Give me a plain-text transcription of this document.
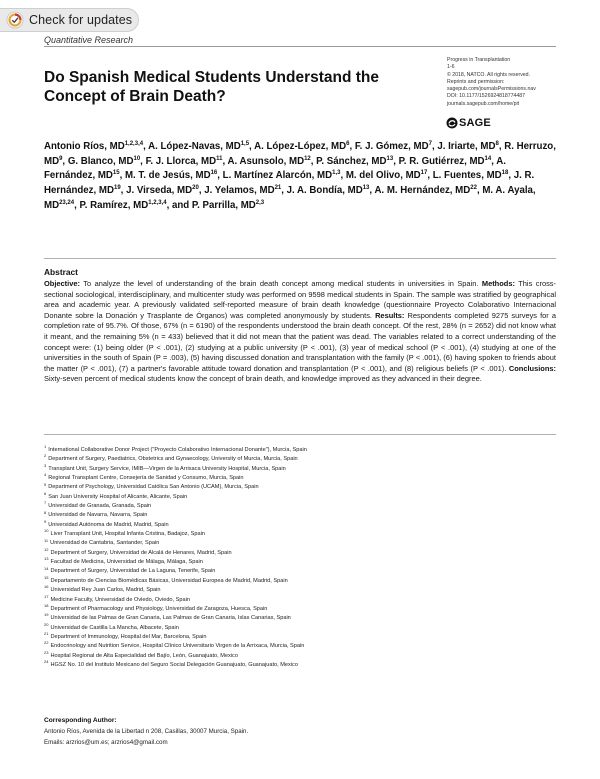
Check for updates
Quantitative Research
Do Spanish Medical Students Understand the Concept of Brain Death?
Progress in Transplantation
1-6
© 2018, NATCO. All rights reserved.
Reprints and permission:
sagepub.com/journalsPermissions.nav
DOI: 10.1177/1526924818774487
journals.sagepub.com/home/pit
SAGE

Antonio Ríos, MD$^{1,2,3,4}$, A. López-Navas, MD$^{1,5}$, A. López-López, $MD^6$, F. J. Gómez, $MD^7$, J. Iriarte, $MD^8$, R. Herruzo, $MD^9$, G. Blanco, MD$^{10}$, F. J. Llorca, MD$^{11}$, A. Asunsolo, MD$^{12}$, P. Sánchez, MD$^{13}$, P. R. Gutiérrez, MD$^{14}$, A. Fernández, MD$^{15}$, M. T. de Jesús, MD$^{16}$, L. Martínez Alarcón, MD$^{1,3}$, M. del Olivo, MD$^{17}$, L. Fuentes, MD$^{18}$, J. R. Hernández, MD$^{19}$, J. Virseda, MD$^{20}$, J. Yelamos, MD$^{21}$, J. A. Bondía, MD$^{13}$, A. M. Hernández, MD$^{22}$, M. A. Ayala, MD$^{23,24}$, P. Ramírez, MD$^{1,2,3,4}$, and P. Parrilla, MD$^{2,3}$

Abstract

Objective: To analyze the level of understanding of the brain death concept among medical students in universities in Spain. Methods: This cross-sectional sociological, interdisciplinary, and multicenter study was performed on 9598 medical students in Spain. The sample was stratified by geographical area and academic year. A previously validated self-reported measure of brain death knowledge (questionnaire Proyecto Colaborativo Internacional Donante sobre la Donación y Trasplante de Órganos) was completed anonymously by students. Results: Respondents completed 9275 surveys for a completion rate of 95.7%. Of those, 67% (n = 6190) of the respondents understood the brain death concept. Of the rest, 28% (n = 2652) did not know what it meant, and the remaining 5% (n = 433) believed that it did not mean that the patient was dead. The variables related to a correct understanding of the concept were: (1) being older (P < .001), (2) studying at a public university (P < .001), (3) year of medical school (P < .001), (4) studying at one of the universities in the south of Spain (P = .003), (5) having discussed donation and transplantation with the family (P < .001), (6) having spoken to friends about the matter (P < .001), (7) a partner's favorable attitude toward donation and transplantation (P < .001), and (8) religious beliefs (P < .001). Conclusions: Sixty-seven percent of medical students know the concept of brain death, and knowledge improved as they advanced in their degree.

$^1$International Collaborative Donor Project ("Proyecto Colaborativo Internacional Donante"), Murcia, Spain
$^2$Department of Surgery, Paediatrics, Obstetrics and Gynaecology, University of Murcia, Murcia, Spain
$^3$Transplant Unit, Surgery Service, IMIB—Virgen de la Arrixaca University Hospital, Murcia, Spain
$^4$Regional Transplant Centre, Consejería de Sanidad y Consumo, Murcia, Spain
$^5$Department of Psychology, Universidad Católica San Antonio (UCAM), Murcia, Spain
$^6$San Juan University Hospital of Alicante, Alicante, Spain
$^7$Universidad de Granada, Granada, Spain
$^8$Universidad de Navarra, Navarra, Spain
$^9$Universidad Autónoma de Madrid, Madrid, Spain
$^{10}$Liver Transplant Unit, Hospital Infanta Cristina, Badajoz, Spain
$^{11}$Universidad de Cantabria, Santander, Spain
$^{12}$Department of Surgery, Universidad de Alcalá de Henares, Madrid, Spain
$^{13}$Facultad de Medicina, Universidad de Málaga, Málaga, Spain
$^{14}$Department of Surgery, Universidad de La Laguna, Tenerife, Spain
$^{15}$Departamento de Ciencias Biomédicas Básicas, Universidad Europea de Madrid, Madrid, Spain
$^{16}$Universidad Rey Juan Carlos, Madrid, Spain
$^{17}$Medicine Faculty, Universidad de Oviedo, Oviedo, Spain
$^{18}$Department of Pharmacology and Physiology, Universidad de Zaragoza, Huesca, Spain
$^{19}$Universidad de las Palmas de Gran Canaria, Las Palmas de Gran Canaria, Islas Canarias, Spain
$^{20}$Universidad de Castilla La Mancha, Albacete, Spain
$^{21}$Department of Immunology, Hospital del Mar, Barcelona, Spain
$^{22}$Endocrinology and Nutrition Service, Hospital Clínico Universitario Virgen de la Arrixaca, Murcia, Spain
$^{23}$Hospital Regional de Alta Especialidad del Bajío, León, Guanajuato, Mexico
$^{24}$HGSZ No. 10 del Instituto Mexicano del Seguro Social Delegación Guanajuato, Guanajuato, Mexico
Corresponding Author:
Antonio Ríos, Avenida de la Libertad n 208, Casillas, 30007 Murcia, Spain.
Emails: arzrios@um.es; arzrios4@gmail.com
